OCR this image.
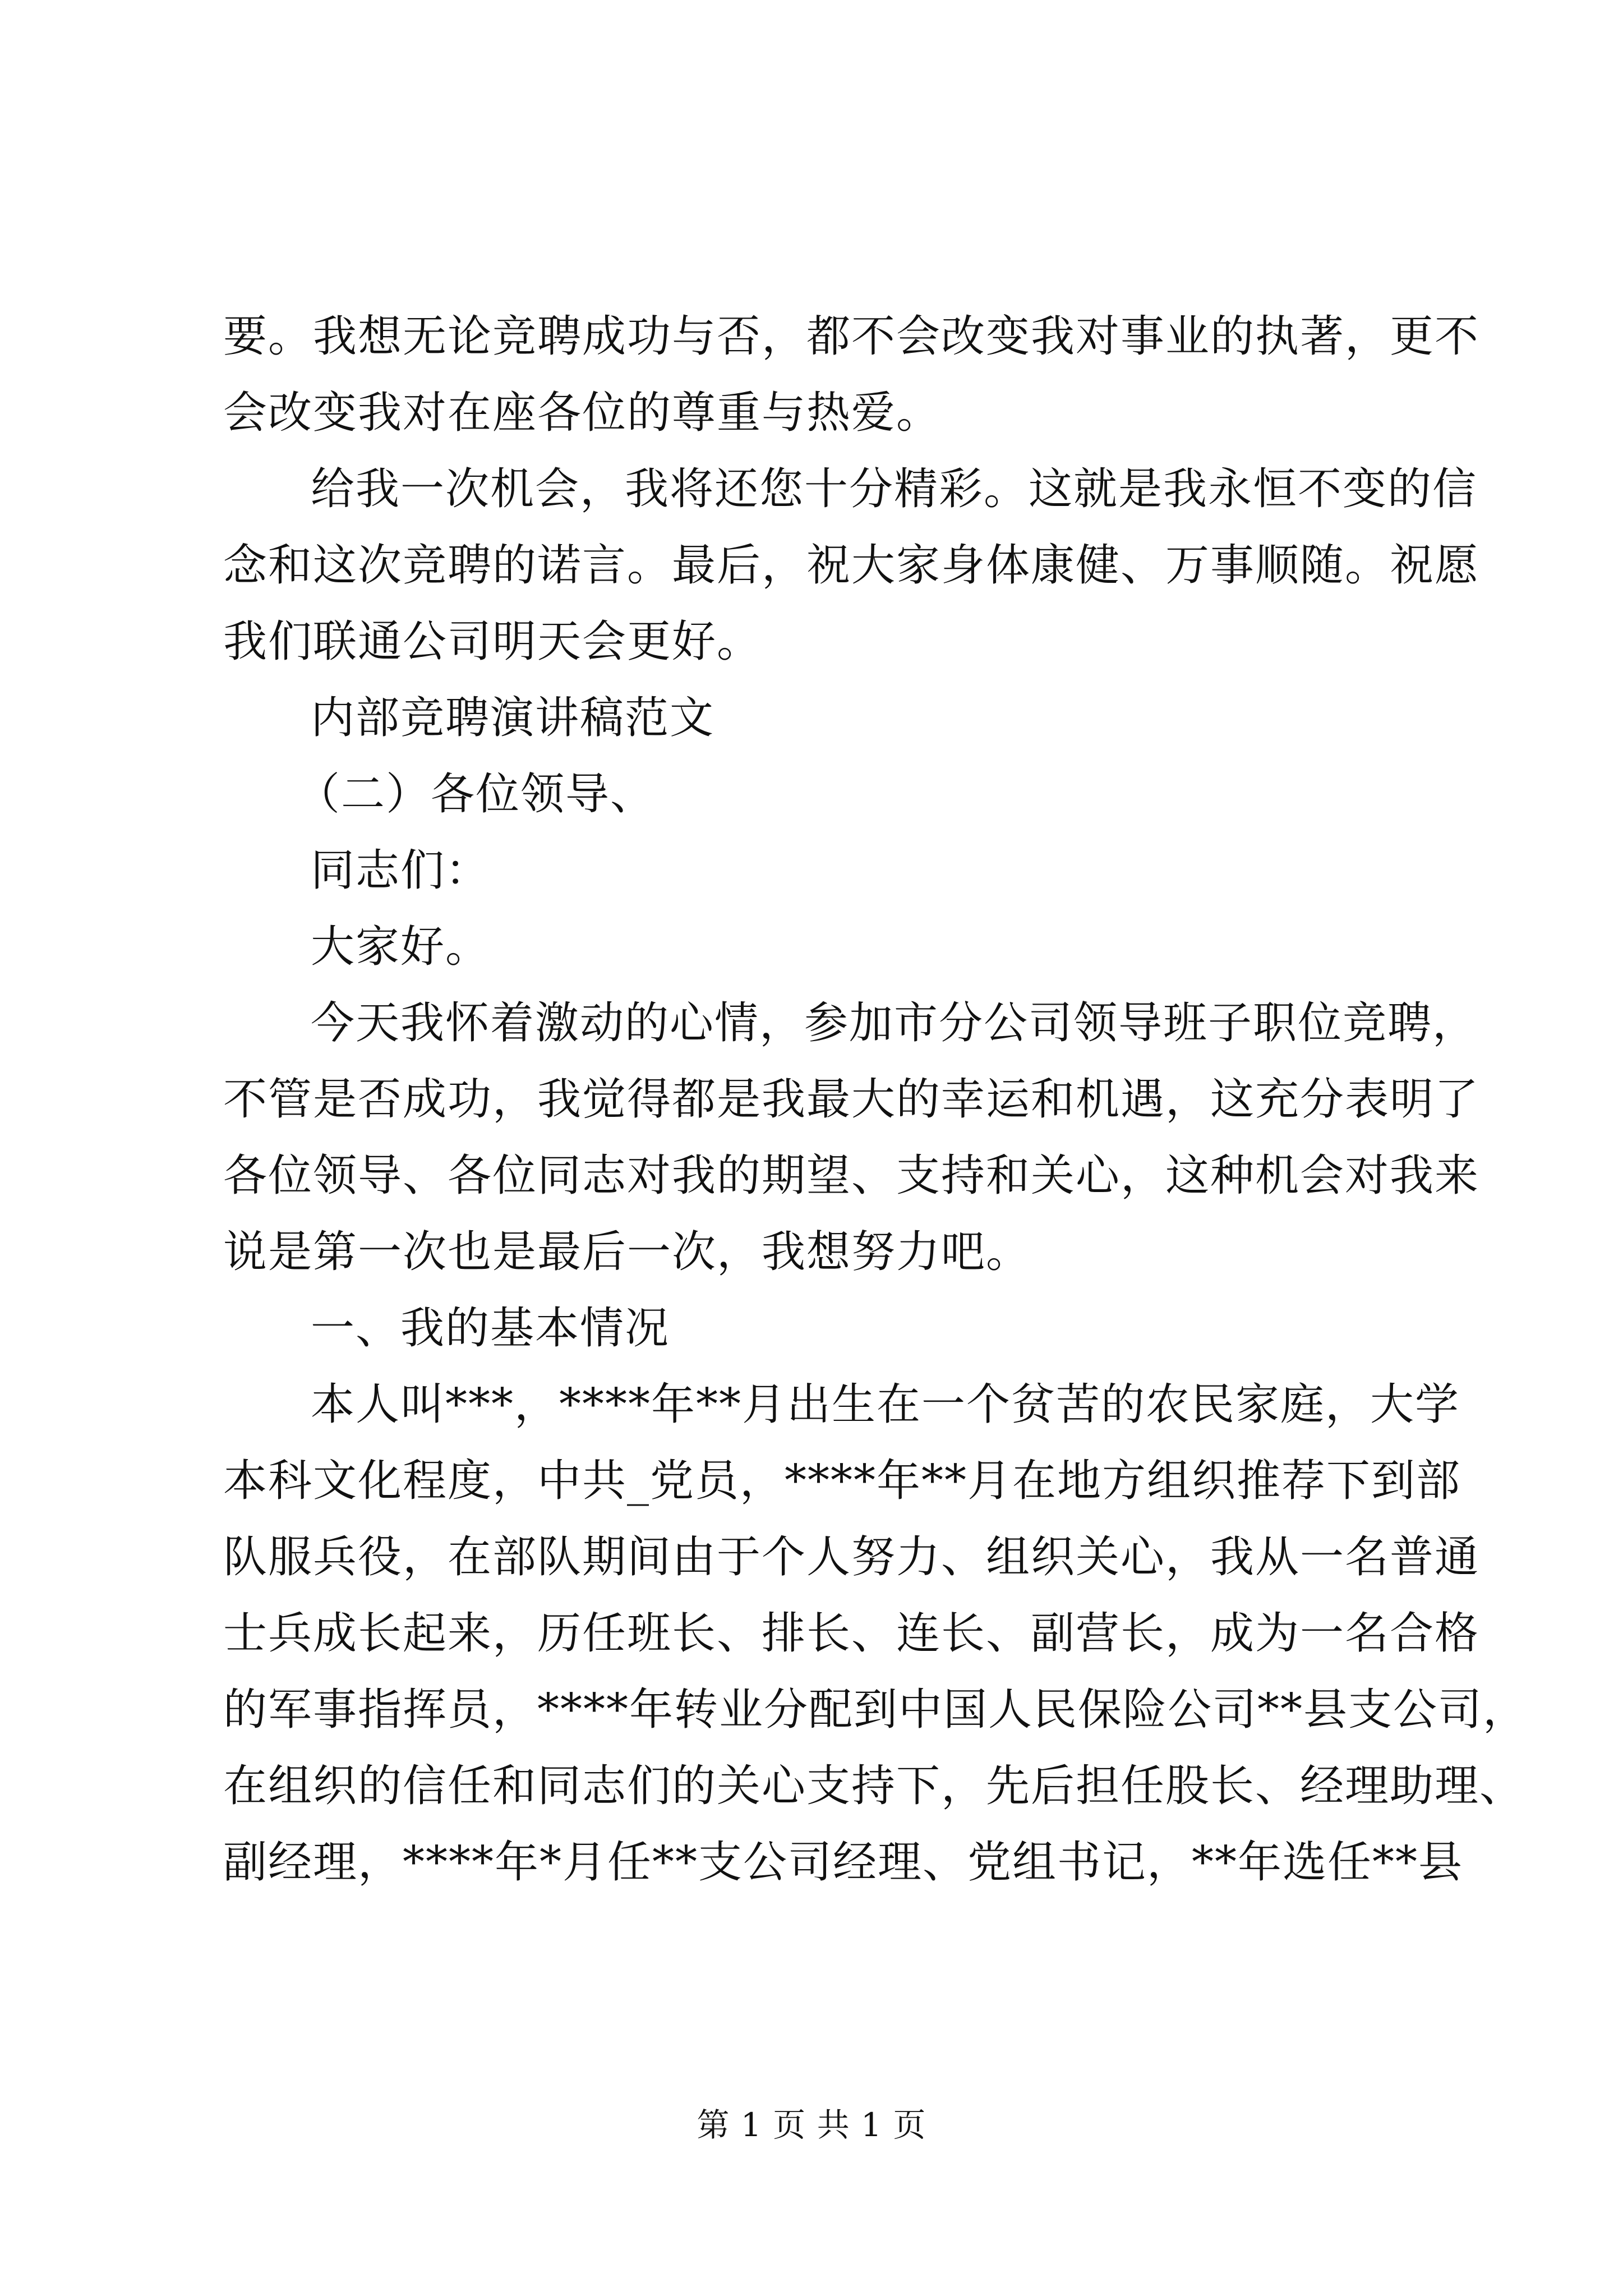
要。我想无论竞聘成功与否，都不会改变我对事业的执著，更不
会改变我对在座各位的尊重与热爱。
给我一次机会，我将还您十分精彩。这就是我永恒不变的信
念和这次竞聘的诺言。最后，祝大家身体康健、万事顺随。祝愿
我们联通公司明天会更好。
内部竞聘演讲稿范文
（二）各位领导、
同志们：
大家好。
今天我怀着激动的心情，参加市分公司领导班子职位竞聘，
不管是否成功，我觉得都是我最大的幸运和机遇，这充分表明了
各位领导、各位同志对我的期望、支持和关心，这种机会对我来
说是第一次也是最后一次，我想努力吧。
一、我的基本情况
本人叫***，****年**月出生在一个贫苦的农民家庭，大学
本科文化程度，中共_党员，****年**月在地方组织推荐下到部
队服兵役，在部队期间由于个人努力、组织关心，我从一名普通
士兵成长起来，历任班长、排长、连长、副营长，成为一名合格
的军事指挥员，****年转业分配到中国人民保险公司**县支公司，
在组织的信任和同志们的关心支持下，先后担任股长、经理助理、
副经理，****年*月任**支公司经理、党组书记，**年选任**县
第 1 页 共 1 页
